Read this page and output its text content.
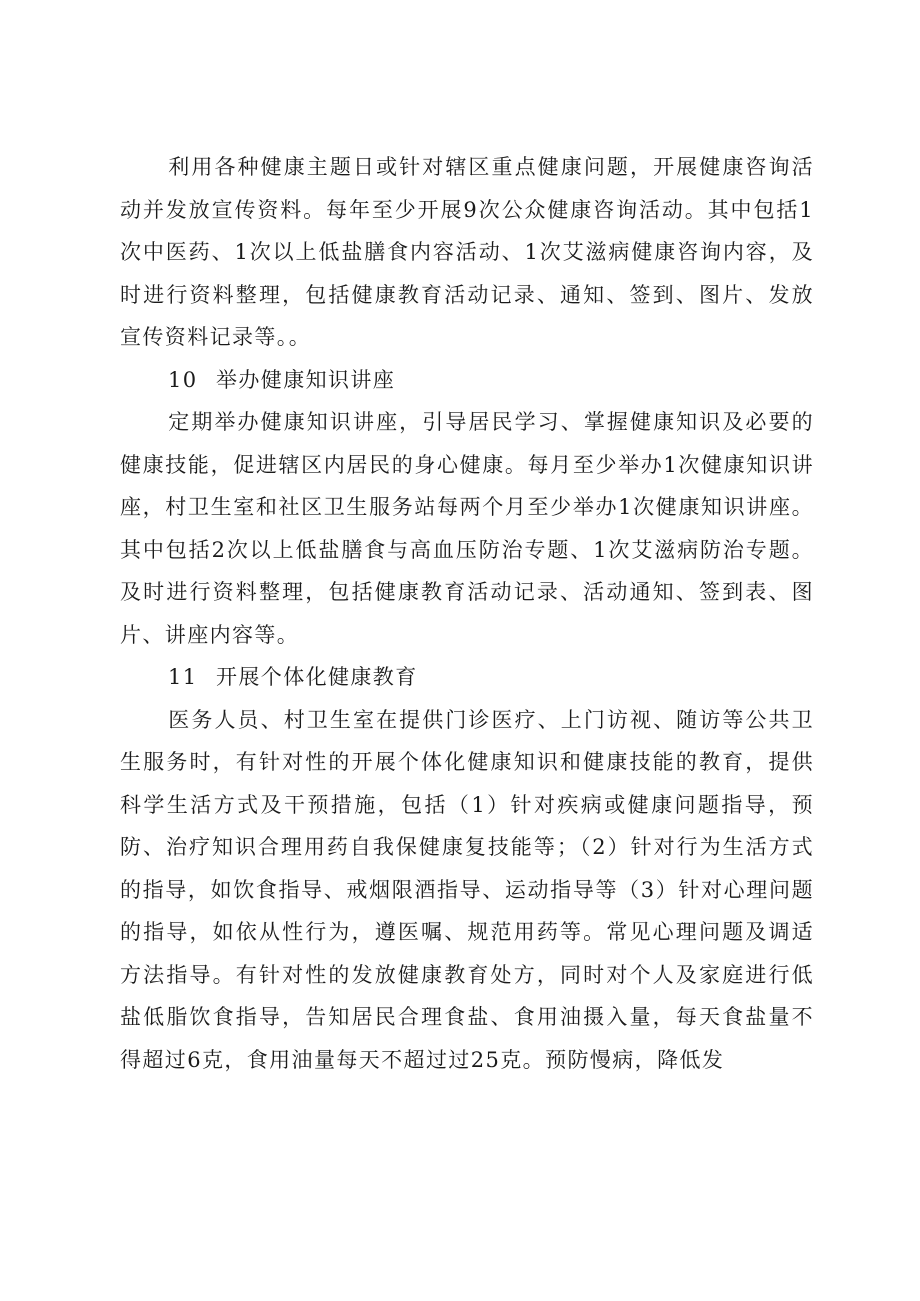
利用各种健康主题日或针对辖区重点健康问题，开展健康咨询活动并发放宣传资料。每年至少开展9次公众健康咨询活动。其中包括1次中医药、1次以上低盐膳食内容活动、1次艾滋病健康咨询内容，及时进行资料整理，包括健康教育活动记录、通知、签到、图片、发放宣传资料记录等。。

10 举办健康知识讲座

定期举办健康知识讲座，引导居民学习、掌握健康知识及必要的健康技能，促进辖区内居民的身心健康。每月至少举办1次健康知识讲座，村卫生室和社区卫生服务站每两个月至少举办1次健康知识讲座。其中包括2次以上低盐膳食与高血压防治专题、1次艾滋病防治专题。及时进行资料整理，包括健康教育活动记录、活动通知、签到表、图片、讲座内容等。

11 开展个体化健康教育

医务人员、村卫生室在提供门诊医疗、上门访视、随访等公共卫生服务时，有针对性的开展个体化健康知识和健康技能的教育，提供科学生活方式及干预措施，包括（1）针对疾病或健康问题指导，预防、治疗知识合理用药自我保健康复技能等；（2）针对行为生活方式的指导，如饮食指导、戒烟限酒指导、运动指导等（3）针对心理问题的指导，如依从性行为，遵医嘱、规范用药等。常见心理问题及调适方法指导。有针对性的发放健康教育处方，同时对个人及家庭进行低盐低脂饮食指导，告知居民合理食盐、食用油摄入量，每天食盐量不得超过6克，食用油量每天不超过过25克。预防慢病，降低发
